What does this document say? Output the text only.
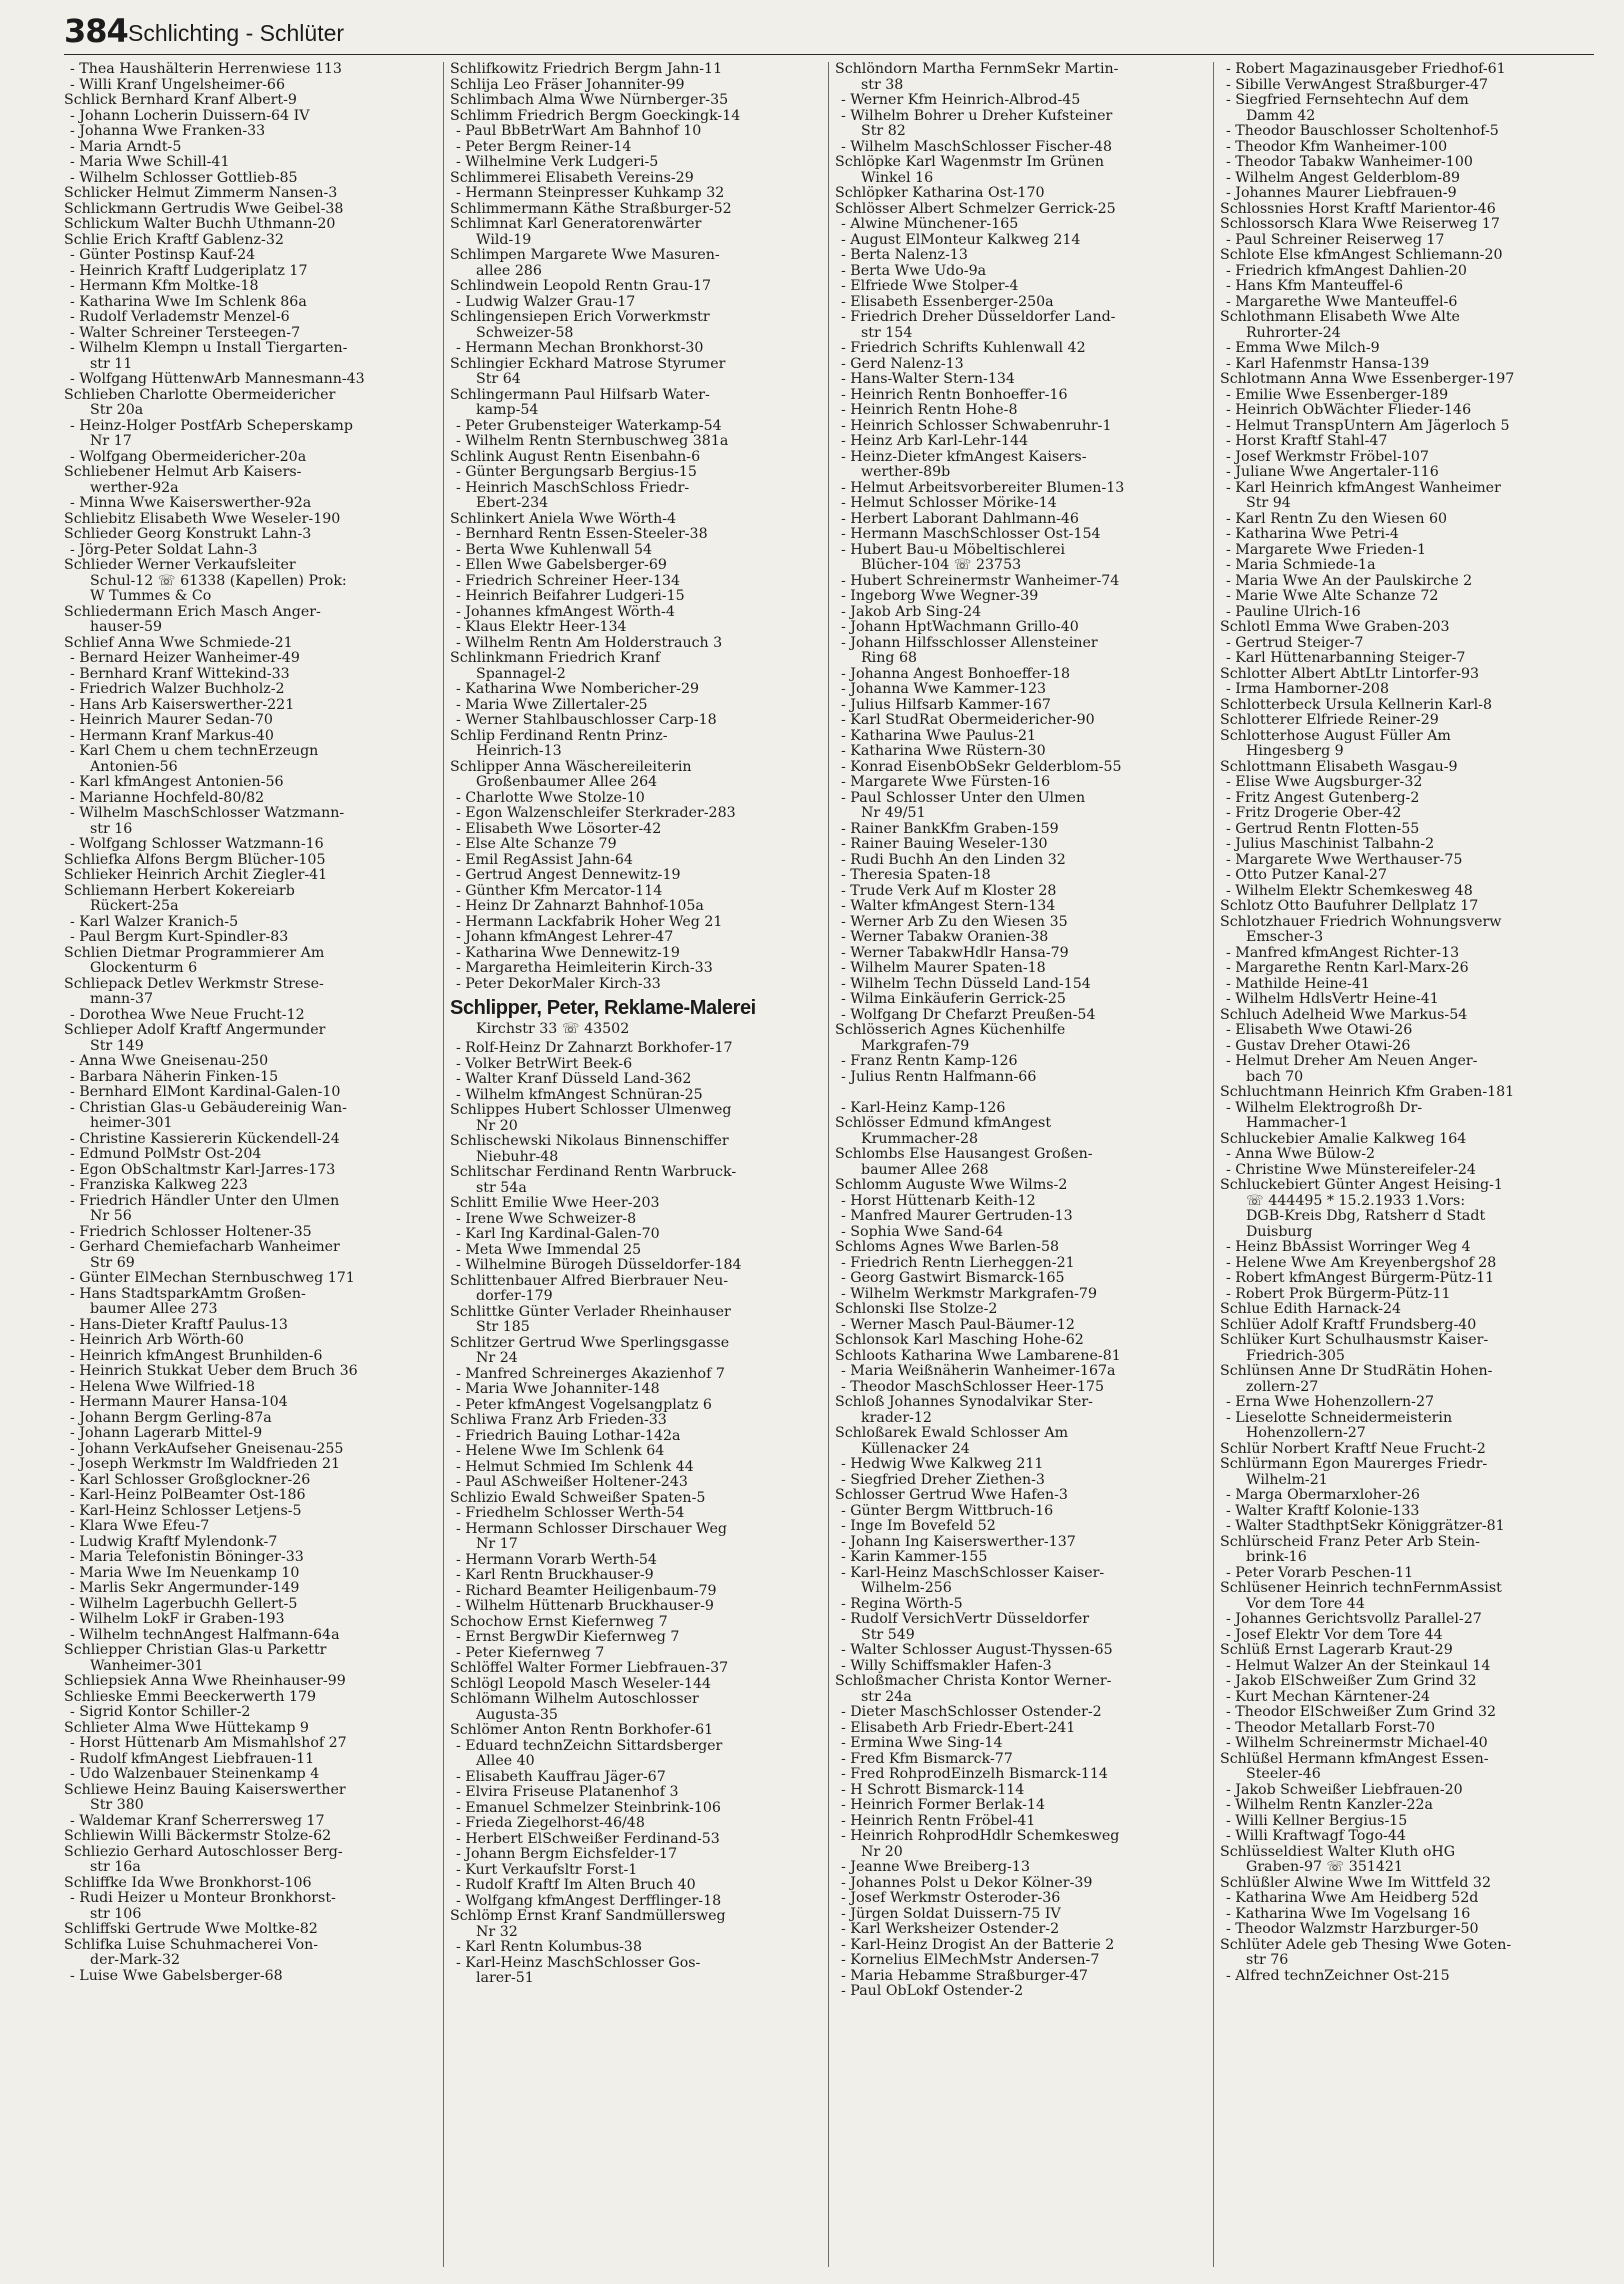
384 Schlichting - Schlüter
- Thea Haushälterin Herrenwiese 113
- Willi Kranf Ungelsheimer-66
Schlick Bernhard Kranf Albert-9
- Johann Locherin Duissern-64 IV
- Johanna Wwe Franken-33
- Maria Arndt-5
- Maria Wwe Schill-41
- Wilhelm Schlosser Gottlieb-85
Schlicker Helmut Zimmerm Nansen-3
Schlickmann Gertrudis Wwe Geibel-38
Schlickum Walter Buchh Uthmann-20
Schlie Erich Kraftf Gablenz-32
- Günter Postinsp Kauf-24
- Heinrich Kraftf Ludgeriplatz 17
- Hermann Kfm Moltke-18
- Katharina Wwe Im Schlenk 86a
- Rudolf Verlademstr Menzel-6
- Walter Schreiner Tersteegen-7
- Wilhelm Klempn u Install Tiergarten-
str 11
- Wolfgang HüttenwArb Mannesmann-43
Schlieben Charlotte Obermeidericher
Str 20a
- Heinz-Holger PostfArb Scheperskamp
Nr 17
- Wolfgang Obermeidericher-20a
Schliebener Helmut Arb Kaisers-
werther-92a
- Minna Wwe Kaiserswerther-92a
Schliebitz Elisabeth Wwe Weseler-190
Schlieder Georg Konstrukt Lahn-3
- Jörg-Peter Soldat Lahn-3
Schlieder Werner Verkaufsleiter
Schul-12 ☏ 61338 (Kapellen) Prok:
W Tummes & Co
Schliedermann Erich Masch Anger-
hauser-59
Schlief Anna Wwe Schmiede-21
- Bernard Heizer Wanheimer-49
- Bernhard Kranf Wittekind-33
- Friedrich Walzer Buchholz-2
- Hans Arb Kaiserswerther-221
- Heinrich Maurer Sedan-70
- Hermann Kranf Markus-40
- Karl Chem u chem technErzeugn
Antonien-56
- Karl kfmAngest Antonien-56
- Marianne Hochfeld-80/82
- Wilhelm MaschSchlosser Watzmann-
str 16
- Wolfgang Schlosser Watzmann-16
Schliefka Alfons Bergm Blücher-105
Schlieker Heinrich Archit Ziegler-41
Schliemann Herbert Kokereiarb
Rückert-25a
- Karl Walzer Kranich-5
- Paul Bergm Kurt-Spindler-83
Schlien Dietmar Programmierer Am
Glockenturm 6
Schliepack Detlev Werkmstr Strese-
mann-37
- Dorothea Wwe Neue Frucht-12
Schlieper Adolf Kraftf Angermunder
Str 149
- Anna Wwe Gneisenau-250
- Barbara Näherin Finken-15
- Bernhard ElMont Kardinal-Galen-10
- Christian Glas-u Gebäudereinig Wan-
heimer-301
- Christine Kassiererin Kückendell-24
- Edmund PolMstr Ost-204
- Egon ObSchaltmstr Karl-Jarres-173
- Franziska Kalkweg 223
- Friedrich Händler Unter den Ulmen
Nr 56
- Friedrich Schlosser Holtener-35
- Gerhard Chemiefacharb Wanheimer
Str 69
- Günter ElMechan Sternbuschweg 171
- Hans StadtsparkAmtm Großen-
baumer Allee 273
- Hans-Dieter Kraftf Paulus-13
- Heinrich Arb Wörth-60
- Heinrich kfmAngest Brunhilden-6
- Heinrich Stukkat Ueber dem Bruch 36
- Helena Wwe Wilfried-18
- Hermann Maurer Hansa-104
- Johann Bergm Gerling-87a
- Johann Lagerarb Mittel-9
- Johann VerkAufseher Gneisenau-255
- Joseph Werkmstr Im Waldfrieden 21
- Karl Schlosser Großglockner-26
- Karl-Heinz PolBeamter Ost-186
- Karl-Heinz Schlosser Letjens-5
- Klara Wwe Efeu-7
- Ludwig Kraftf Mylendonk-7
- Maria Telefonistin Böninger-33
- Maria Wwe Im Neuenkamp 10
- Marlis Sekr Angermunder-149
- Wilhelm Lagerbuchh Gellert-5
- Wilhelm LokF ir Graben-193
- Wilhelm technAngest Halfmann-64a
Schliepper Christian Glas-u Parkettr
Wanheimer-301
Schliepsiek Anna Wwe Rheinhauser-99
Schlieske Emmi Beeckerwerth 179
- Sigrid Kontor Schiller-2
Schlieter Alma Wwe Hüttekamp 9
- Horst Hüttenarb Am Mismahlshof 27
- Rudolf kfmAngest Liebfrauen-11
- Udo Walzenbauer Steinenkamp 4
Schliewe Heinz Bauing Kaiserswerther
Str 380
- Waldemar Kranf Scherrersweg 17
Schliewin Willi Bäckermstr Stolze-62
Schliezio Gerhard Autoschlosser Berg-
str 16a
Schliffke Ida Wwe Bronkhorst-106
- Rudi Heizer u Monteur Bronkhorst-
str 106
Schliffski Gertrude Wwe Moltke-82
Schlifka Luise Schuhmacherei Von-
der-Mark-32
- Luise Wwe Gabelsberger-68
Schlifkowitz Friedrich Bergm Jahn-11
Schlija Leo Fräser Johanniter-99
Schlimbach Alma Wwe Nürnberger-35
Schlimm Friedrich Bergm Goeckingk-14
- Paul BbBetrWart Am Bahnhof 10
- Peter Bergm Reiner-14
- Wilhelmine Verk Ludgeri-5
Schlimmerei Elisabeth Vereins-29
- Hermann Steinpresser Kuhkamp 32
Schlimmermann Käthe Straßburger-52
Schlimnat Karl Generatorenwärter
Wild-19
Schlimpen Margarete Wwe Masuren-
allee 286
Schlindwein Leopold Rentn Grau-17
- Ludwig Walzer Grau-17
Schlingensiepen Erich Vorwerkmstr
Schweizer-58
- Hermann Mechan Bronkhorst-30
Schlingier Eckhard Matrose Styrumer
Str 64
Schlingermann Paul Hilfsarb Water-
kamp-54
- Peter Grubensteiger Waterkamp-54
- Wilhelm Rentn Sternbuschweg 381a
Schlink August Rentn Eisenbahn-6
- Günter Bergungsarb Bergius-15
- Heinrich MaschSchloss Friedr-
Ebert-234
Schlinkert Aniela Wwe Wörth-4
- Bernhard Rentn Essen-Steeler-38
- Berta Wwe Kuhlenwall 54
- Ellen Wwe Gabelsberger-69
- Friedrich Schreiner Heer-134
- Heinrich Beifahrer Ludgeri-15
- Johannes kfmAngest Wörth-4
- Klaus Elektr Heer-134
- Wilhelm Rentn Am Holderstrauch 3
Schlinkmann Friedrich Kranf
Spannagel-2
- Katharina Wwe Nombericher-29
- Maria Wwe Zillertaler-25
- Werner Stahlbauschlosser Carp-18
Schlip Ferdinand Rentn Prinz-
Heinrich-13
Schlipper Anna Wäschereileiterin
Großenbaumer Allee 264
- Charlotte Wwe Stolze-10
- Egon Walzenschleifer Sterkrader-283
- Elisabeth Wwe Lösorter-42
- Else Alte Schanze 79
- Emil RegAssist Jahn-64
- Gertrud Angest Dennewitz-19
- Günther Kfm Mercator-114
- Heinz Dr Zahnarzt Bahnhof-105a
- Hermann Lackfabrik Hoher Weg 21
- Johann kfmAngest Lehrer-47
- Katharina Wwe Dennewitz-19
- Margaretha Heimleiterin Kirch-33
- Peter DekorMaler Kirch-33
Schlipper, Peter, Reklame-Malerei
Kirchstr 33 ☏ 43502
- Rolf-Heinz Dr Zahnarzt Borkhofer-17
- Volker BetrWirt Beek-6
- Walter Kranf Düsseld Land-362
- Wilhelm kfmAngest Schnüran-25
Schlippes Hubert Schlosser Ulmenweg
Nr 20
Schlischewski Nikolaus Binnenschiffer
Niebuhr-48
Schlitschar Ferdinand Rentn Warbruck-
str 54a
Schlitt Emilie Wwe Heer-203
- Irene Wwe Schweizer-8
- Karl Ing Kardinal-Galen-70
- Meta Wwe Immendal 25
- Wilhelmine Bürogeh Düsseldorfer-184
Schlittenbauer Alfred Bierbrauer Neu-
dorfer-179
Schlittke Günter Verlader Rheinhauser
Str 185
Schlitzer Gertrud Wwe Sperlingsgasse
Nr 24
- Manfred Schreinerges Akazienhof 7
- Maria Wwe Johanniter-148
- Peter kfmAngest Vogelsangplatz 6
Schliwa Franz Arb Frieden-33
- Friedrich Bauing Lothar-142a
- Helene Wwe Im Schlenk 64
- Helmut Schmied Im Schlenk 44
- Paul ASchweißer Holtener-243
Schlizio Ewald Schweißer Spaten-5
- Friedhelm Schlosser Werth-54
- Hermann Schlosser Dirschauer Weg
Nr 17
- Hermann Vorarb Werth-54
- Karl Rentn Bruckhauser-9
- Richard Beamter Heiligenbaum-79
- Wilhelm Hüttenarb Bruckhauser-9
Schochow Ernst Kiefernweg 7
- Ernst BergwDir Kiefernweg 7
- Peter Kiefernweg 7
Schlöffel Walter Former Liebfrauen-37
Schlögl Leopold Masch Weseler-144
Schlömann Wilhelm Autoschlosser
Augusta-35
Schlömer Anton Rentn Borkhofer-61
- Eduard technZeichn Sittardsberger
Allee 40
- Elisabeth Kauffrau Jäger-67
- Elvira Friseuse Platanenhof 3
- Emanuel Schmelzer Steinbrink-106
- Frieda Ziegelhorst-46/48
- Herbert ElSchweißer Ferdinand-53
- Johann Bergm Eichsfelder-17
- Kurt Verkaufsltr Forst-1
- Rudolf Kraftf Im Alten Bruch 40
- Wolfgang kfmAngest Derfflinger-18
Schlömp Ernst Kranf Sandmüllersweg
Nr 32
- Karl Rentn Kolumbus-38
- Karl-Heinz MaschSchlosser Gos-
larer-51
Schlöndorn Martha FernmSekr Martin-
str 38
- Werner Kfm Heinrich-Albrod-45
- Wilhelm Bohrer u Dreher Kufsteiner
Str 82
- Wilhelm MaschSchlosser Fischer-48
Schlöpke Karl Wagenmstr Im Grünen
Winkel 16
Schlöpker Katharina Ost-170
Schlösser Albert Schmelzer Gerrick-25
- Alwine Münchener-165
- August ElMonteur Kalkweg 214
- Berta Nalenz-13
- Berta Wwe Udo-9a
- Elfriede Wwe Stolper-4
- Elisabeth Essenberger-250a
- Friedrich Dreher Düsseldorfer Land-
str 154
- Friedrich Schrifts Kuhlenwall 42
- Gerd Nalenz-13
- Hans-Walter Stern-134
- Heinrich Rentn Bonhoeffer-16
- Heinrich Rentn Hohe-8
- Heinrich Schlosser Schwabenruhr-1
- Heinz Arb Karl-Lehr-144
- Heinz-Dieter kfmAngest Kaisers-
werther-89b
- Helmut Arbeitsvorbereiter Blumen-13
- Helmut Schlosser Mörike-14
- Herbert Laborant Dahlmann-46
- Hermann MaschSchlosser Ost-154
- Hubert Bau-u Möbeltischlerei
Blücher-104 ☏ 23753
- Hubert Schreinermstr Wanheimer-74
- Ingeborg Wwe Wegner-39
- Jakob Arb Sing-24
- Johann HptWachmann Grillo-40
- Johann Hilfsschlosser Allensteiner
Ring 68
- Johanna Angest Bonhoeffer-18
- Johanna Wwe Kammer-123
- Julius Hilfsarb Kammer-167
- Karl StudRat Obermeidericher-90
- Katharina Wwe Paulus-21
- Katharina Wwe Rüstern-30
- Konrad EisenbObSekr Gelderblom-55
- Margarete Wwe Fürsten-16
- Paul Schlosser Unter den Ulmen
Nr 49/51
- Rainer BankKfm Graben-159
- Rainer Bauing Weseler-130
- Rudi Buchh An den Linden 32
- Theresia Spaten-18
- Trude Verk Auf m Kloster 28
- Walter kfmAngest Stern-134
- Werner Arb Zu den Wiesen 35
- Werner Tabakw Oranien-38
- Werner TabakwHdlr Hansa-79
- Wilhelm Maurer Spaten-18
- Wilhelm Techn Düsseld Land-154
- Wilma Einkäuferin Gerrick-25
- Wolfgang Dr Chefarzt Preußen-54
Schlösserich Agnes Küchenhilfe
Markgrafen-79
- Franz Rentn Kamp-126
- Julius Rentn Halfmann-66

- Karl-Heinz Kamp-126
Schlösser Edmund kfmAngest
Krummacher-28
Schlombs Else Hausangest Großen-
baumer Allee 268
Schlomm Auguste Wwe Wilms-2
- Horst Hüttenarb Keith-12
- Manfred Maurer Gertruden-13
- Sophia Wwe Sand-64
Schloms Agnes Wwe Barlen-58
- Friedrich Rentn Lierheggen-21
- Georg Gastwirt Bismarck-165
- Wilhelm Werkmstr Markgrafen-79
Schlonski Ilse Stolze-2
- Werner Masch Paul-Bäumer-12
Schlonsok Karl Masching Hohe-62
Schloots Katharina Wwe Lambarene-81
- Maria Weißnäherin Wanheimer-167a
- Theodor MaschSchlosser Heer-175
Schloß Johannes Synodalvikar Ster-
krader-12
Schloßarek Ewald Schlosser Am
Küllenacker 24
- Hedwig Wwe Kalkweg 211
- Siegfried Dreher Ziethen-3
Schlosser Gertrud Wwe Hafen-3
- Günter Bergm Wittbruch-16
- Inge Im Bovefeld 52
- Johann Ing Kaiserswerther-137
- Karin Kammer-155
- Karl-Heinz MaschSchlosser Kaiser-
Wilhelm-256
- Regina Wörth-5
- Rudolf VersichVertr Düsseldorfer
Str 549
- Walter Schlosser August-Thyssen-65
- Willy Schiffsmakler Hafen-3
Schloßmacher Christa Kontor Werner-
str 24a
- Dieter MaschSchlosser Ostender-2
- Elisabeth Arb Friedr-Ebert-241
- Ermina Wwe Sing-14
- Fred Kfm Bismarck-77
- Fred RohprodEinzelh Bismarck-114
- H Schrott Bismarck-114
- Heinrich Former Berlak-14
- Heinrich Rentn Fröbel-41
- Heinrich RohprodHdlr Schemkesweg
Nr 20
- Jeanne Wwe Breiberg-13
- Johannes Polst u Dekor Kölner-39
- Josef Werkmstr Osteroder-36
- Jürgen Soldat Duissern-75 IV
- Karl Werksheizer Ostender-2
- Karl-Heinz Drogist An der Batterie 2
- Kornelius ElMechMstr Andersen-7
- Maria Hebamme Straßburger-47
- Paul ObLokf Ostender-2
- Robert Magazinausgeber Friedhof-61
- Sibille VerwAngest Straßburger-47
- Siegfried Fernsehtechn Auf dem
Damm 42
- Theodor Bauschlosser Scholtenhof-5
- Theodor Kfm Wanheimer-100
- Theodor Tabakw Wanheimer-100
- Wilhelm Angest Gelderblom-89
- Johannes Maurer Liebfrauen-9
Schlossnies Horst Kraftf Marientor-46
Schlossorsch Klara Wwe Reiserweg 17
- Paul Schreiner Reiserweg 17
Schlote Else kfmAngest Schliemann-20
- Friedrich kfmAngest Dahlien-20
- Hans Kfm Manteuffel-6
- Margarethe Wwe Manteuffel-6
Schlothmann Elisabeth Wwe Alte
Ruhrorter-24
- Emma Wwe Milch-9
- Karl Hafenmstr Hansa-139
Schlotmann Anna Wwe Essenberger-197
- Emilie Wwe Essenberger-189
- Heinrich ObWächter Flieder-146
- Helmut TranspUntern Am Jägerloch 5
- Horst Kraftf Stahl-47
- Josef Werkmstr Fröbel-107
- Juliane Wwe Angertaler-116
- Karl Heinrich kfmAngest Wanheimer
Str 94
- Karl Rentn Zu den Wiesen 60
- Katharina Wwe Petri-4
- Margarete Wwe Frieden-1
- Maria Schmiede-1a
- Maria Wwe An der Paulskirche 2
- Marie Wwe Alte Schanze 72
- Pauline Ulrich-16
Schlotl Emma Wwe Graben-203
- Gertrud Steiger-7
- Karl Hüttenarbanning Steiger-7
Schlotter Albert AbtLtr Lintorfer-93
- Irma Hamborner-208
Schlotterbeck Ursula Kellnerin Karl-8
Schlotterer Elfriede Reiner-29
Schlotterhose August Füller Am
Hingesberg 9
Schlottmann Elisabeth Wasgau-9
- Elise Wwe Augsburger-32
- Fritz Angest Gutenberg-2
- Fritz Drogerie Ober-42
- Gertrud Rentn Flotten-55
- Julius Maschinist Talbahn-2
- Margarete Wwe Werthauser-75
- Otto Putzer Kanal-27
- Wilhelm Elektr Schemkesweg 48
Schlotz Otto Baufuhrer Dellplatz 17
Schlotzhauer Friedrich Wohnungsverw
Emscher-3
- Manfred kfmAngest Richter-13
- Margarethe Rentn Karl-Marx-26
- Mathilde Heine-41
- Wilhelm HdlsVertr Heine-41
Schluch Adelheid Wwe Markus-54
- Elisabeth Wwe Otawi-26
- Gustav Dreher Otawi-26
- Helmut Dreher Am Neuen Anger-
bach 70
Schluchtmann Heinrich Kfm Graben-181
- Wilhelm Elektrogroßh Dr-
Hammacher-1
Schluckebier Amalie Kalkweg 164
- Anna Wwe Bülow-2
- Christine Wwe Münstereifeler-24
Schluckebiert Günter Angest Heising-1
☏ 444495 * 15.2.1933 1.Vors:
DGB-Kreis Dbg, Ratsherr d Stadt
Duisburg
- Heinz BbAssist Worringer Weg 4
- Helene Wwe Am Kreyenbergshof 28
- Robert kfmAngest Bürgerm-Pütz-11
- Robert Prok Bürgerm-Pütz-11
Schlue Edith Harnack-24
Schlüer Adolf Kraftf Frundsberg-40
Schlüker Kurt Schulhausmstr Kaiser-
Friedrich-305
Schlünsen Anne Dr StudRätin Hohen-
zollern-27
- Erna Wwe Hohenzollern-27
- Lieselotte Schneidermeisterin
Hohenzollern-27
Schlür Norbert Kraftf Neue Frucht-2
Schlürmann Egon Maurerges Friedr-
Wilhelm-21
- Marga Obermarxloher-26
- Walter Kraftf Kolonie-133
- Walter StadthptSekr Königgrätzer-81
Schlürscheid Franz Peter Arb Stein-
brink-16
- Peter Vorarb Peschen-11
Schlüsener Heinrich technFernmAssist
Vor dem Tore 44
- Johannes Gerichtsvollz Parallel-27
- Josef Elektr Vor dem Tore 44
Schlüß Ernst Lagerarb Kraut-29
- Helmut Walzer An der Steinkaul 14
- Jakob ElSchweißer Zum Grind 32
- Kurt Mechan Kärntener-24
- Theodor ElSchweißer Zum Grind 32
- Theodor Metallarb Forst-70
- Wilhelm Schreinermstr Michael-40
Schlüßel Hermann kfmAngest Essen-
Steeler-46
- Jakob Schweißer Liebfrauen-20
- Wilhelm Rentn Kanzler-22a
- Willi Kellner Bergius-15
- Willi Kraftwagf Togo-44
Schlüsseldiest Walter Kluth oHG
Graben-97 ☏ 351421
Schlüßler Alwine Wwe Im Wittfeld 32
- Katharina Wwe Am Heidberg 52d
- Katharina Wwe Im Vogelsang 16
- Theodor Walzmstr Harzburger-50
Schlüter Adele geb Thesing Wwe Goten-
str 76
- Alfred technZeichner Ost-215
